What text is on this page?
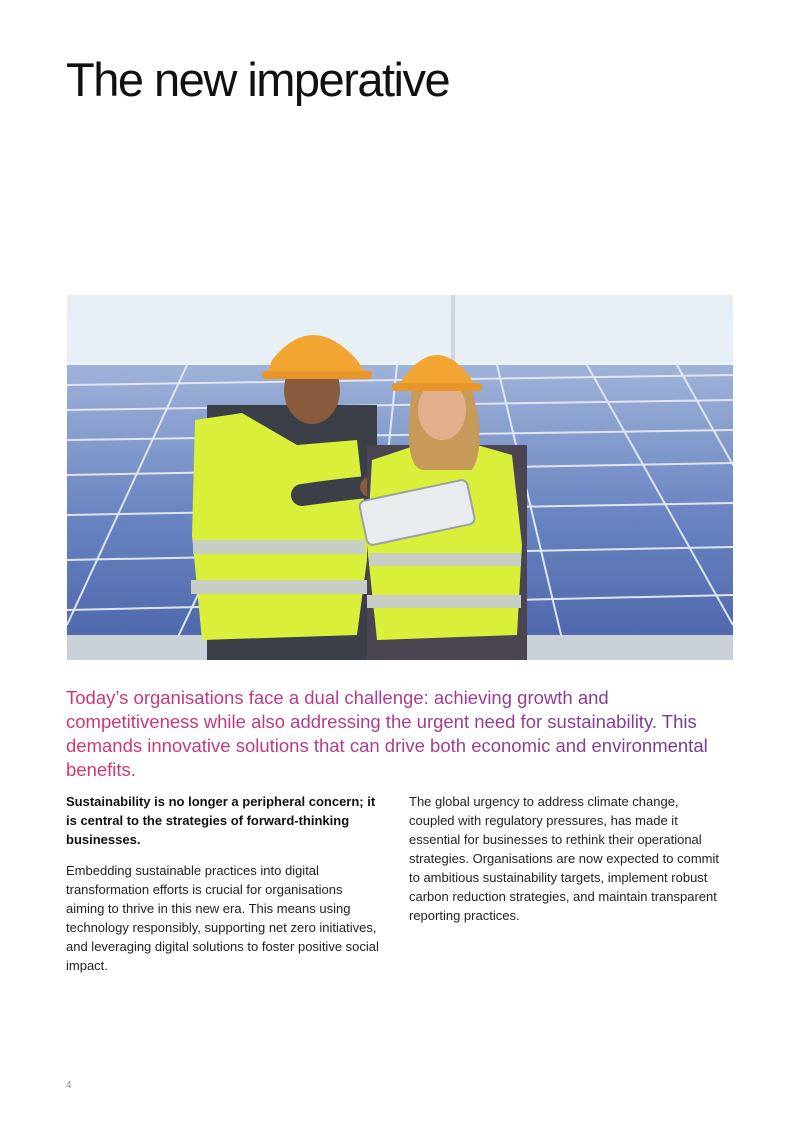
The new imperative

Today’s organisations face a dual challenge: achieving growth and competitiveness while also addressing the urgent need for sustainability. This demands innovative solutions that can drive both economic and environmental benefits.

Sustainability is no longer a peripheral concern; it is central to the strategies of forward-thinking businesses.

Embedding sustainable practices into digital transformation efforts is crucial for organisations aiming to thrive in this new era. This means using technology responsibly, supporting net zero initiatives, and leveraging digital solutions to foster positive social impact.

The global urgency to address climate change, coupled with regulatory pressures, has made it essential for businesses to rethink their operational strategies. Organisations are now expected to commit to ambitious sustainability targets, implement robust carbon reduction strategies, and maintain transparent reporting practices.

4
